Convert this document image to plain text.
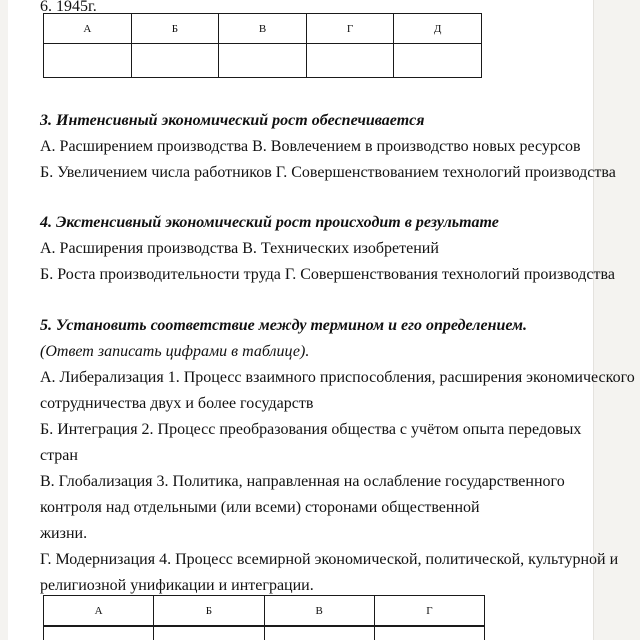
6. 1945г.

А	Б	В	Г	Д

3. Интенсивный экономический рост обеспечивается

А. Расширением производства В. Вовлечением в производство новых ресурсов

Б. Увеличением числа работников Г. Совершенствованием технологий производства

4. Экстенсивный экономический рост происходит в результате

А. Расширения производства В. Технических изобретений

Б. Роста производительности труда Г. Совершенствования технологий производства

5. Установить соответствие между термином и его определением.

(Ответ записать цифрами в таблице).

А. Либерализация 1. Процесс взаимного приспособления, расширения экономического

сотрудничества двух и более государств

Б. Интеграция 2. Процесс преобразования общества с учётом опыта передовых

стран

В. Глобализация 3. Политика, направленная на ослабление государственного

контроля над отдельными (или всеми) сторонами общественной

жизни.

Г. Модернизация 4. Процесс всемирной экономической, политической, культурной и

религиозной унификации и интеграции.

А	Б	В	Г
